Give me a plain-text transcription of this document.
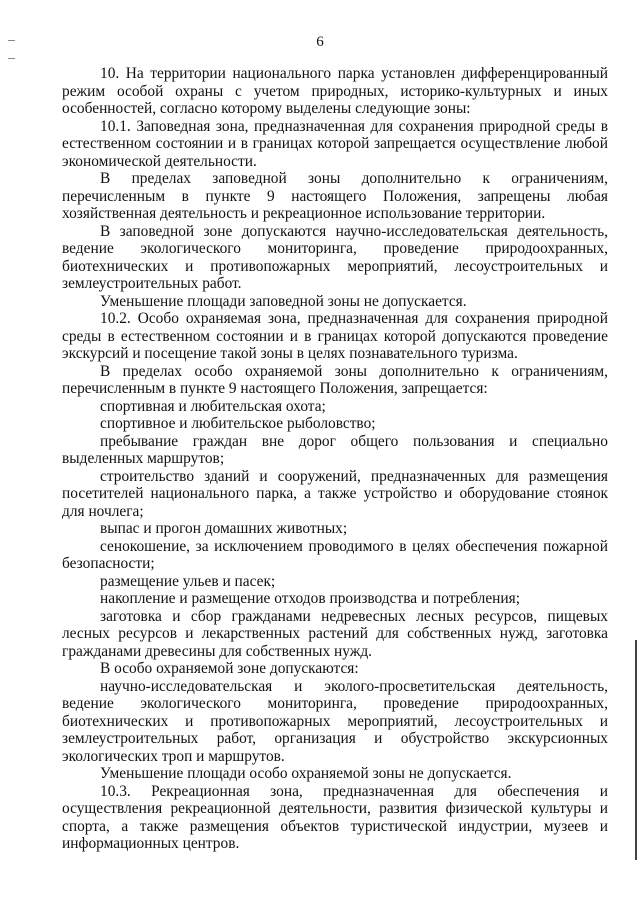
6

10. На территории национального парка установлен дифференцированный режим особой охраны с учетом природных, историко-культурных и иных особенностей, согласно которому выделены следующие зоны:

10.1. Заповедная зона, предназначенная для сохранения природной среды в естественном состоянии и в границах которой запрещается осуществление любой экономической деятельности.

В пределах заповедной зоны дополнительно к ограничениям, перечисленным в пункте 9 настоящего Положения, запрещены любая хозяйственная деятельность и рекреационное использование территории.

В заповедной зоне допускаются научно-исследовательская деятельность, ведение экологического мониторинга, проведение природоохранных, биотехнических и противопожарных мероприятий, лесоустроительных и землеустроительных работ.

Уменьшение площади заповедной зоны не допускается.

10.2. Особо охраняемая зона, предназначенная для сохранения природной среды в естественном состоянии и в границах которой допускаются проведение экскурсий и посещение такой зоны в целях познавательного туризма.

В пределах особо охраняемой зоны дополнительно к ограничениям, перечисленным в пункте 9 настоящего Положения, запрещается:

спортивная и любительская охота;

спортивное и любительское рыболовство;

пребывание граждан вне дорог общего пользования и специально выделенных маршрутов;

строительство зданий и сооружений, предназначенных для размещения посетителей национального парка, а также устройство и оборудование стоянок для ночлега;

выпас и прогон домашних животных;

сенокошение, за исключением проводимого в целях обеспечения пожарной безопасности;

размещение ульев и пасек;

накопление и размещение отходов производства и потребления;

заготовка и сбор гражданами недревесных лесных ресурсов, пищевых лесных ресурсов и лекарственных растений для собственных нужд, заготовка гражданами древесины для собственных нужд.

В особо охраняемой зоне допускаются:

научно-исследовательская и эколого-просветительская деятельность, ведение экологического мониторинга, проведение природоохранных, биотехнических и противопожарных мероприятий, лесоустроительных и землеустроительных работ, организация и обустройство экскурсионных экологических троп и маршрутов.

Уменьшение площади особо охраняемой зоны не допускается.

10.3. Рекреационная зона, предназначенная для обеспечения и осуществления рекреационной деятельности, развития физической культуры и спорта, а также размещения объектов туристической индустрии, музеев и информационных центров.
